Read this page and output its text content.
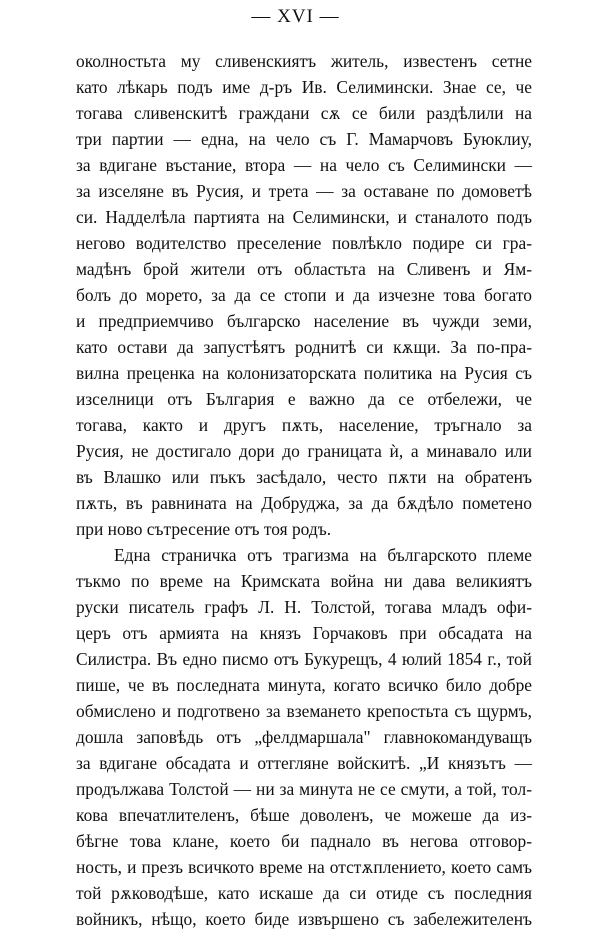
— XVI —
околностьта му сливенскиятъ житель, известенъ сетне
като лѣкарь подъ име д-ръ Ив. Селимински. Знае се, че
тогава сливенскитѣ граждани сѫ се били раздѣлили на
три партии — една, на чело съ Г. Мамарчовъ Буюклиу,
за вдигане въстание, втора — на чело съ Селимински —
за изселяне въ Русия, и трета — за оставане по домоветѣ
си. Надделѣла партията на Селимински, и станалото подъ
негово водителство преселение повлѣкло подире си гра-
мадѣнъ брой жители отъ областьта на Сливенъ и Ям-
болъ до морето, за да се стопи и да изчезне това богато
и предприемчиво българско население въ чужди земи,
като остави да запустѣятъ роднитѣ си кѫщи. За по-пра-
вилна преценка на колонизаторската политика на Русия съ
изселници отъ България е важно да се отбележи, че
тогава, както и другъ пѫть, население, тръгнало за
Русия, не достигало дори до границата ѝ, а минавало или
въ Влашко или пъкъ засѣдало, често пѫти на обратенъ
пѫть, въ равнината на Добруджа, за да бѫдѣло пометено
при ново сътресение отъ тоя родъ.
Една страничка отъ трагизма на българското племе
тъкмо по време на Кримската война ни дава великиятъ
руски писатель графъ Л. Н. Толстой, тогава младъ офи-
церъ отъ армията на князъ Горчаковъ при обсадата на
Силистра. Въ едно писмо отъ Букурещъ, 4 юлий 1854 г., той
пише, че въ последната минута, когато всичко било добре
обмислено и подготвено за вземането крепостьта съ щурмъ,
дошла заповѣдь отъ „фелдмаршала" главнокомандуващъ
за вдигане обсадата и оттегляне войскитѣ. „И князътъ —
продължава Толстой — ни за минута не се смути, а той, тол-
кова впечатлителенъ, бѣше доволенъ, че можеше да из-
бѣгне това клане, което би паднало въ негова отговор-
ность, и презъ всичкото време на отстѫплението, което самъ
той рѫководѣше, като искаше да си отиде съ последния
войникъ, нѣщо, което биде извършено съ забележителенъ
